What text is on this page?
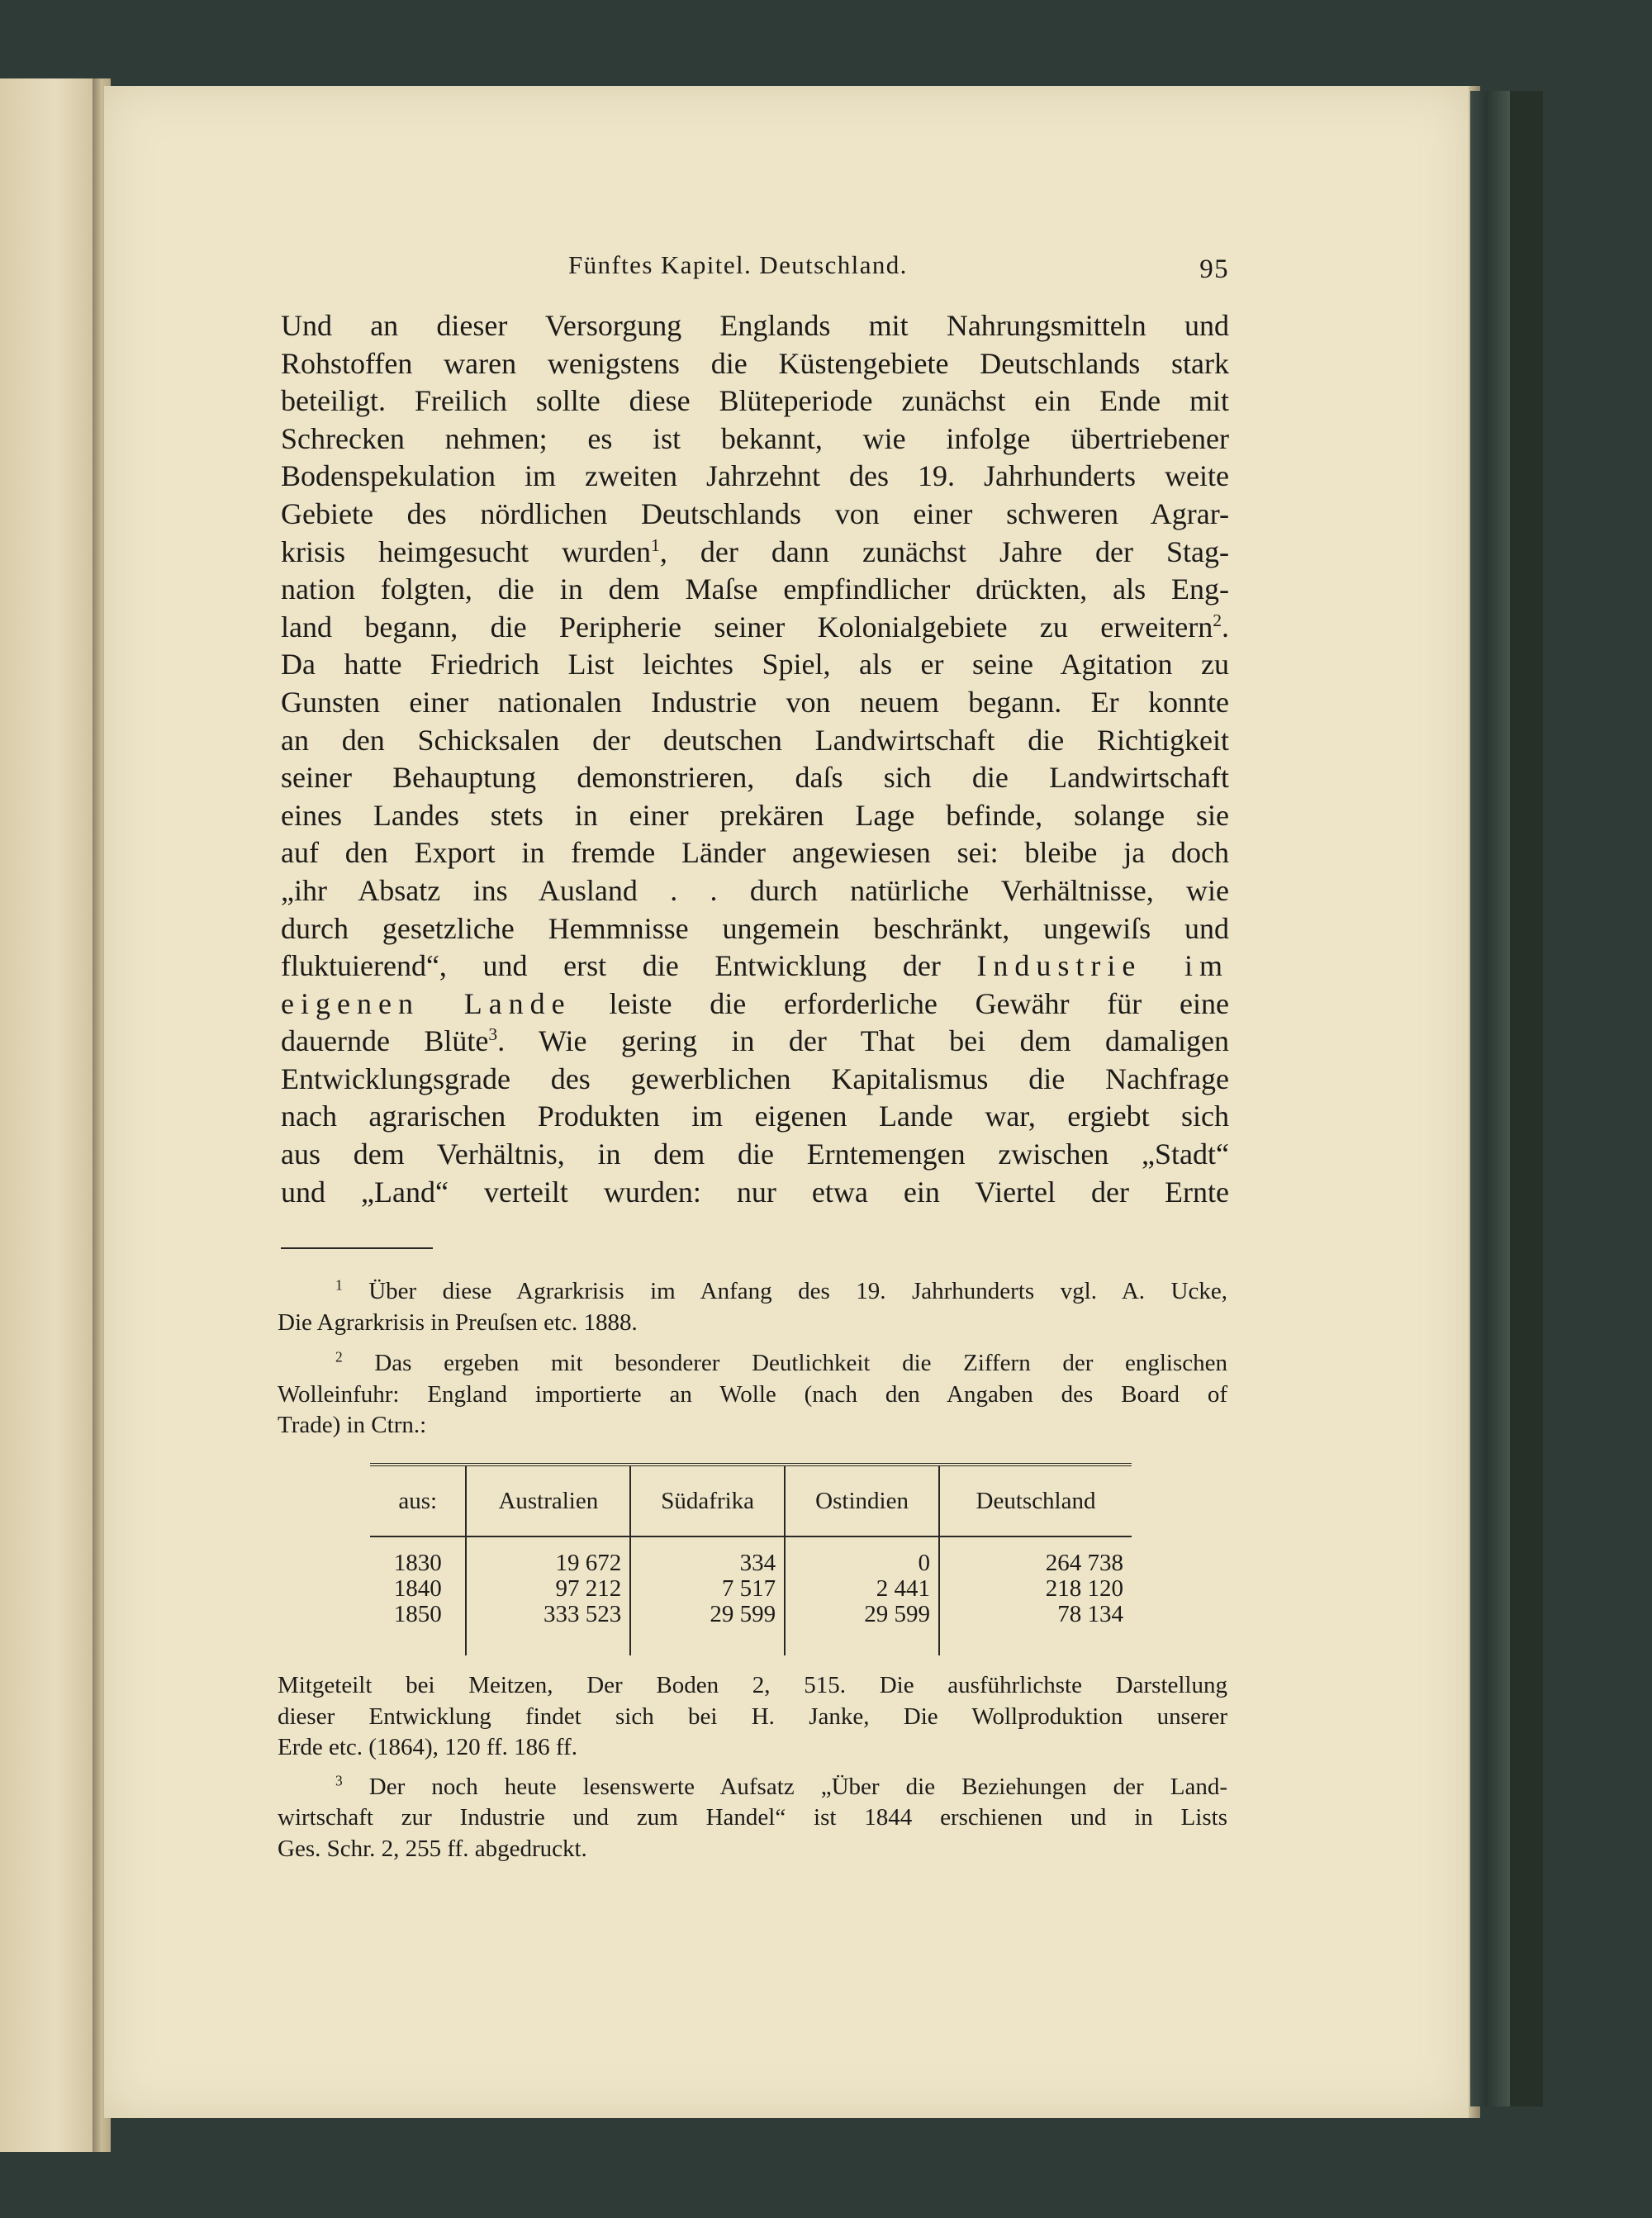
Fünftes Kapitel. Deutschland.	95
Und an dieser Versorgung Englands mit Nahrungsmitteln und
Rohstoffen waren wenigstens die Küstengebiete Deutschlands stark
beteiligt. Freilich sollte diese Blüteperiode zunächst ein Ende mit
Schrecken nehmen; es ist bekannt, wie infolge übertriebener
Bodenspekulation im zweiten Jahrzehnt des 19. Jahrhunderts weite
Gebiete des nördlichen Deutschlands von einer schweren Agrar-
krisis heimgesucht wurden$^1$, der dann zunächst Jahre der Stag-
nation folgten, die in dem Maſse empfindlicher drückten, als Eng-
land begann, die Peripherie seiner Kolonialgebiete zu erweitern$^2$.
Da hatte Friedrich List leichtes Spiel, als er seine Agitation zu
Gunsten einer nationalen Industrie von neuem begann. Er konnte
an den Schicksalen der deutschen Landwirtschaft die Richtigkeit
seiner Behauptung demonstrieren, daſs sich die Landwirtschaft
eines Landes stets in einer prekären Lage befinde, solange sie
auf den Export in fremde Länder angewiesen sei: bleibe ja doch
„ihr Absatz ins Ausland . . durch natürliche Verhältnisse, wie
durch gesetzliche Hemmnisse ungemein beschränkt, ungewiſs und
fluktuierend“, und erst die Entwicklung der Industrie im
eigenen Lande leiste die erforderliche Gewähr für eine
dauernde Blüte$^3$. Wie gering in der That bei dem damaligen
Entwicklungsgrade des gewerblichen Kapitalismus die Nachfrage
nach agrarischen Produkten im eigenen Lande war, ergiebt sich
aus dem Verhältnis, in dem die Erntemengen zwischen „Stadt“
und „Land“ verteilt wurden: nur etwa ein Viertel der Ernte
$^1$ Über diese Agrarkrisis im Anfang des 19. Jahrhunderts vgl. A. Ucke,
Die Agrarkrisis in Preuſsen etc. 1888.
$^2$ Das ergeben mit besonderer Deutlichkeit die Ziffern der englischen
Wolleinfuhr: England importierte an Wolle (nach den Angaben des Board of
Trade) in Ctrn.:
aus:	Australien	Südafrika	Ostindien	Deutschland
1830	19 672	334	0	264 738
1840	97 212	7 517	2 441	218 120
1850	333 523	29 599	29 599	78 134
Mitgeteilt bei Meitzen, Der Boden 2, 515. Die ausführlichste Darstellung
dieser Entwicklung findet sich bei H. Janke, Die Wollproduktion unserer
Erde etc. (1864), 120 ff. 186 ff.
$^3$ Der noch heute lesenswerte Aufsatz „Über die Beziehungen der Land-
wirtschaft zur Industrie und zum Handel“ ist 1844 erschienen und in Lists
Ges. Schr. 2, 255 ff. abgedruckt.
